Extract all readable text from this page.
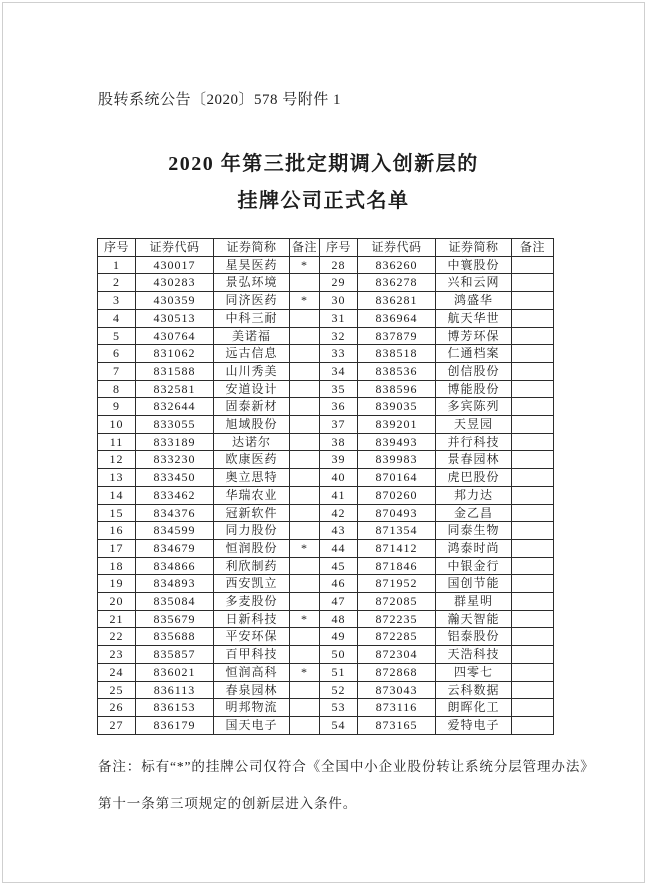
股转系统公告〔2020〕578 号附件 1
2020 年第三批定期调入创新层的
挂牌公司正式名单
序号	证券代码	证券简称	备注	序号	证券代码	证券简称	备注
1	430017	星昊医药	*	28	836260	中寰股份	
2	430283	景弘环境		29	836278	兴和云网	
3	430359	同济医药	*	30	836281	鸿盛华	
4	430513	中科三耐		31	836964	航天华世	
5	430764	美诺福		32	837879	博芳环保	
6	831062	远古信息		33	838518	仁通档案	
7	831588	山川秀美		34	838536	创信股份	
8	832581	安道设计		35	838596	博能股份	
9	832644	固泰新材		36	839035	多宾陈列	
10	833055	旭域股份		37	839201	天昱园	
11	833189	达诺尔		38	839493	并行科技	
12	833230	欧康医药		39	839983	景春园林	
13	833450	奥立思特		40	870164	虎巴股份	
14	833462	华瑞农业		41	870260	邦力达	
15	834376	冠新软件		42	870493	金乙昌	
16	834599	同力股份		43	871354	同泰生物	
17	834679	恒润股份	*	44	871412	鸿泰时尚	
18	834866	利欣制药		45	871846	中银金行	
19	834893	西安凯立		46	871952	国创节能	
20	835084	多麦股份		47	872085	群星明	
21	835679	日新科技	*	48	872235	瀚天智能	
22	835688	平安环保		49	872285	铝泰股份	
23	835857	百甲科技		50	872304	天浩科技	
24	836021	恒润高科	*	51	872868	四零七	
25	836113	春泉园林		52	873043	云科数据	
26	836153	明邦物流		53	873116	朗晖化工	
27	836179	国天电子		54	873165	爱特电子	

备注：标有“*”的挂牌公司仅符合《全国中小企业股份转让系统分层管理办法》

第十一条第三项规定的创新层进入条件。
